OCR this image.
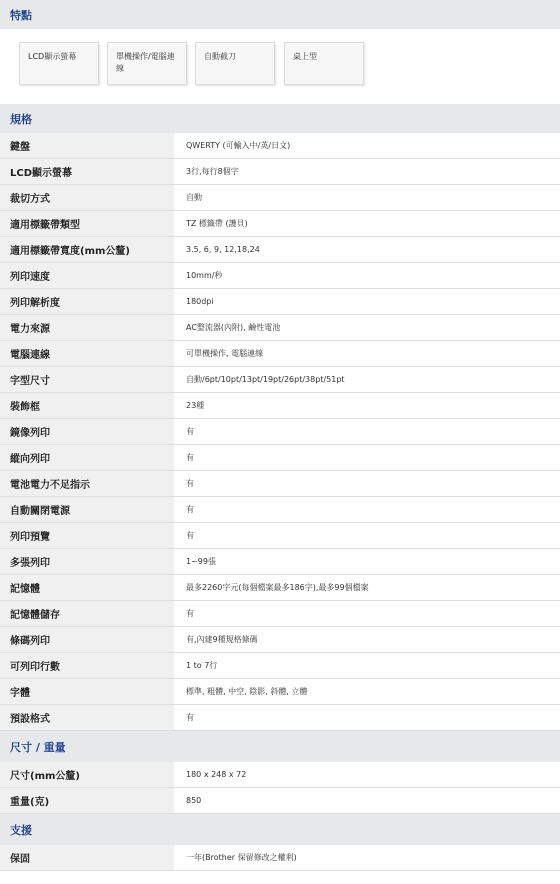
特點
LCD顯示螢幕	單機操作/電腦連線
自動截刀	桌上型
規格
鍵盤	QWERTY (可輸入中/英/日文)
LCD顯示螢幕	3行,每行8個字
裁切方式	自動
適用標籤帶類型	TZ 標籤帶 (護貝)
適用標籤帶寬度(mm公釐)	3.5, 6, 9, 12,18,24
列印速度	10mm/秒
列印解析度	180dpi
電力來源	AC整流器(內附), 鹼性電池
電腦連線	可單機操作, 電腦連線
字型尺寸	自動/6pt/10pt/13pt/19pt/26pt/38pt/51pt
裝飾框	23種
鏡像列印	有
縱向列印	有
電池電力不足指示	有
自動關閉電源	有
列印預覽	有
多張列印	1~99張
記憶體	最多2260字元(每個檔案最多186字),最多99個檔案
記憶體儲存	有
條碼列印	有,內建9種規格條碼
可列印行數	1 to 7行
字體	標準, 粗體, 中空, 陰影, 斜體, 立體
預設格式	有
尺寸 / 重量
尺寸(mm公釐)	180 x 248 x 72
重量(克)	850
支援
保固	一年(Brother 保留修改之權利)
